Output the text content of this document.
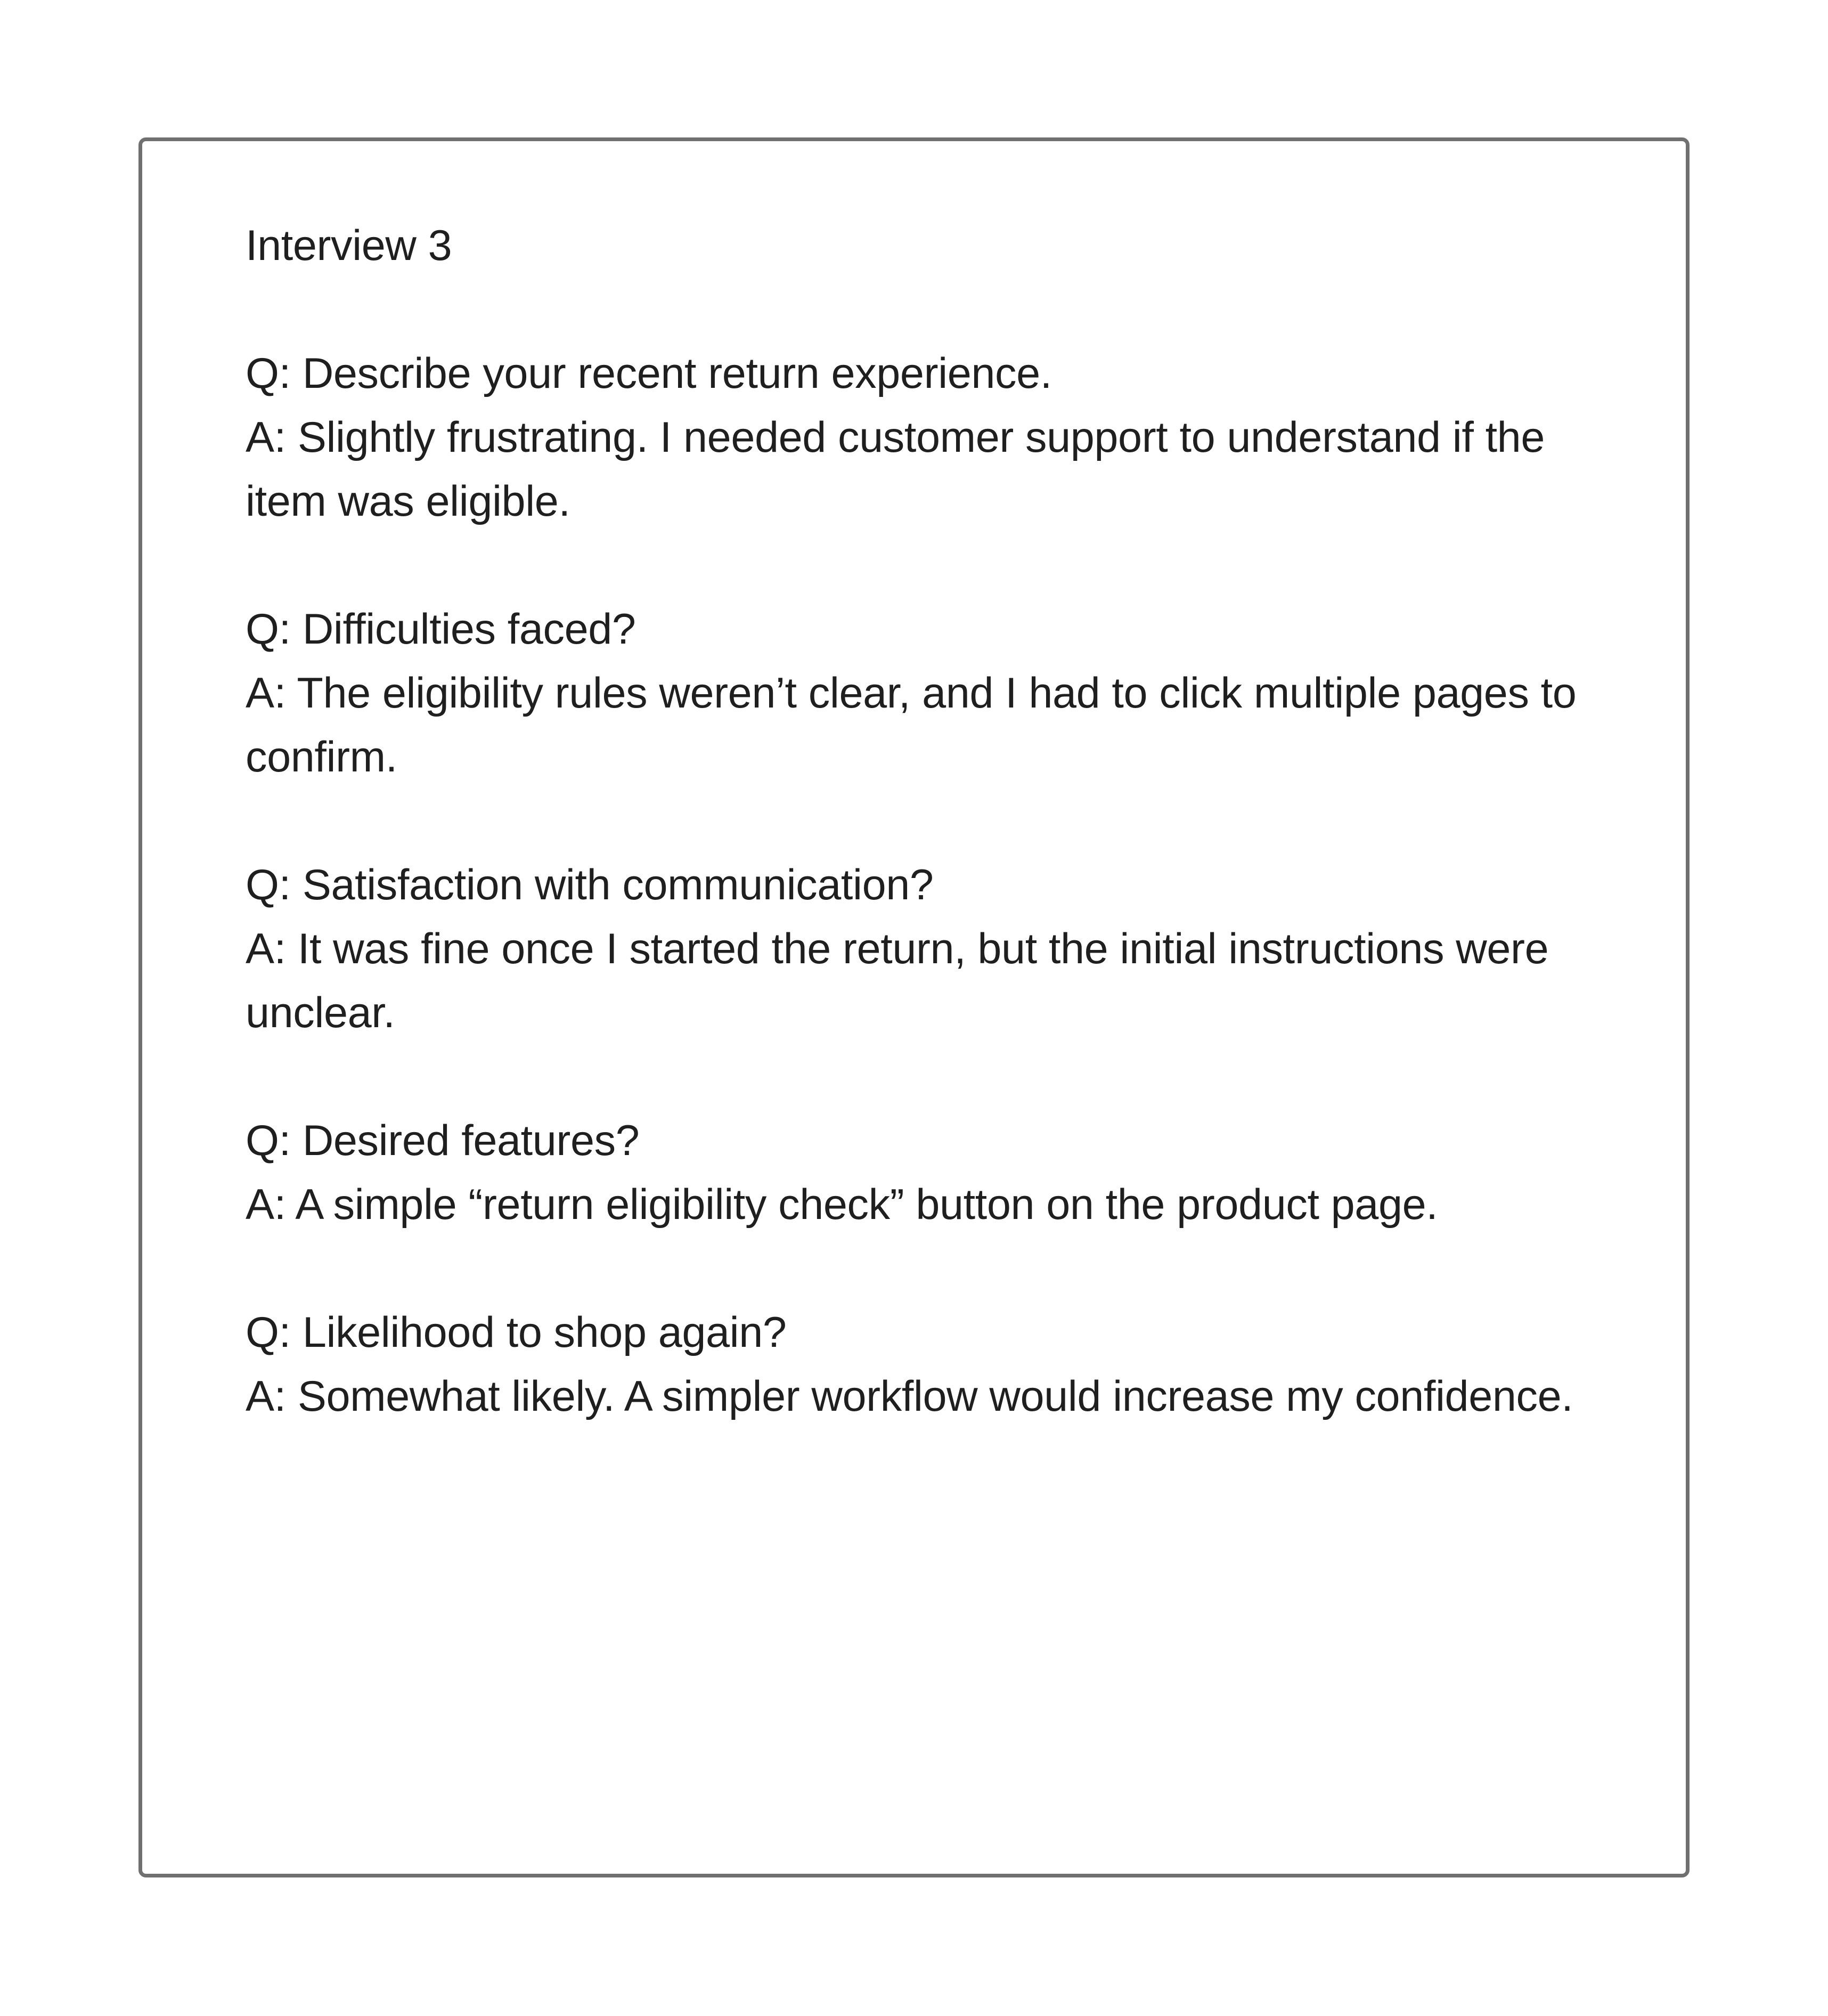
Interview 3

Q: Describe your recent return experience.

A: Slightly frustrating. I needed customer support to understand if the item was eligible.

Q: Difficulties faced?

A: The eligibility rules weren’t clear, and I had to click multiple pages to confirm.

Q: Satisfaction with communication?

A: It was fine once I started the return, but the initial instructions were unclear.

Q: Desired features?

A: A simple “return eligibility check” button on the product page.

Q: Likelihood to shop again?

A: Somewhat likely. A simpler workflow would increase my confidence.
